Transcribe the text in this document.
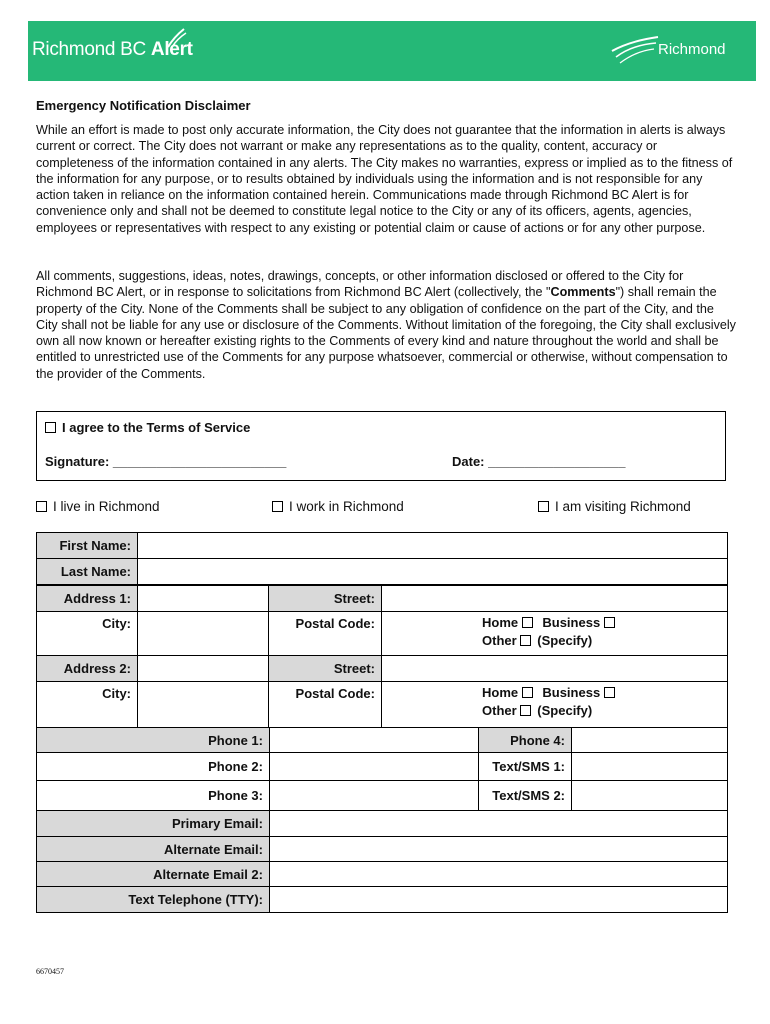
Richmond BC Alert	Richmond
Emergency Notification Disclaimer
While an effort is made to post only accurate information, the City does not guarantee that the information in alerts is always current or correct. The City does not warrant or make any representations as to the quality, content, accuracy or completeness of the information contained in any alerts. The City makes no warranties, express or implied as to the fitness of the information for any purpose, or to results obtained by individuals using the information and is not responsible for any action taken in reliance on the information contained herein. Communications made through Richmond BC Alert is for convenience only and shall not be deemed to constitute legal notice to the City or any of its officers, agents, agencies, employees or representatives with respect to any existing or potential claim or cause of actions or for any other purpose.
All comments, suggestions, ideas, notes, drawings, concepts, or other information disclosed or offered to the City for Richmond BC Alert, or in response to solicitations from Richmond BC Alert (collectively, the "Comments") shall remain the property of the City. None of the Comments shall be subject to any obligation of confidence on the part of the City, and the City shall not be liable for any use or disclosure of the Comments. Without limitation of the foregoing, the City shall exclusively own all now known or hereafter existing rights to the Comments of every kind and nature throughout the world and shall be entitled to unrestricted use of the Comments for any purpose whatsoever, commercial or otherwise, without compensation to the provider of the Comments.
I agree to the Terms of Service
Signature: ________________________	Date: ___________________
I live in Richmond	I work in Richmond	I am visiting Richmond
First Name:	
Last Name:	
Address 1:		Street:	
City:		Postal Code:	Home Business
Other (Specify)
Address 2:		Street:	
City:		Postal Code:	Home Business
Other (Specify)
Phone 1:		Phone 4:	
Phone 2:		Text/SMS 1:	
Phone 3:		Text/SMS 2:	
Primary Email:	
Alternate Email:	
Alternate Email 2:	
Text Telephone (TTY):	
6670457
